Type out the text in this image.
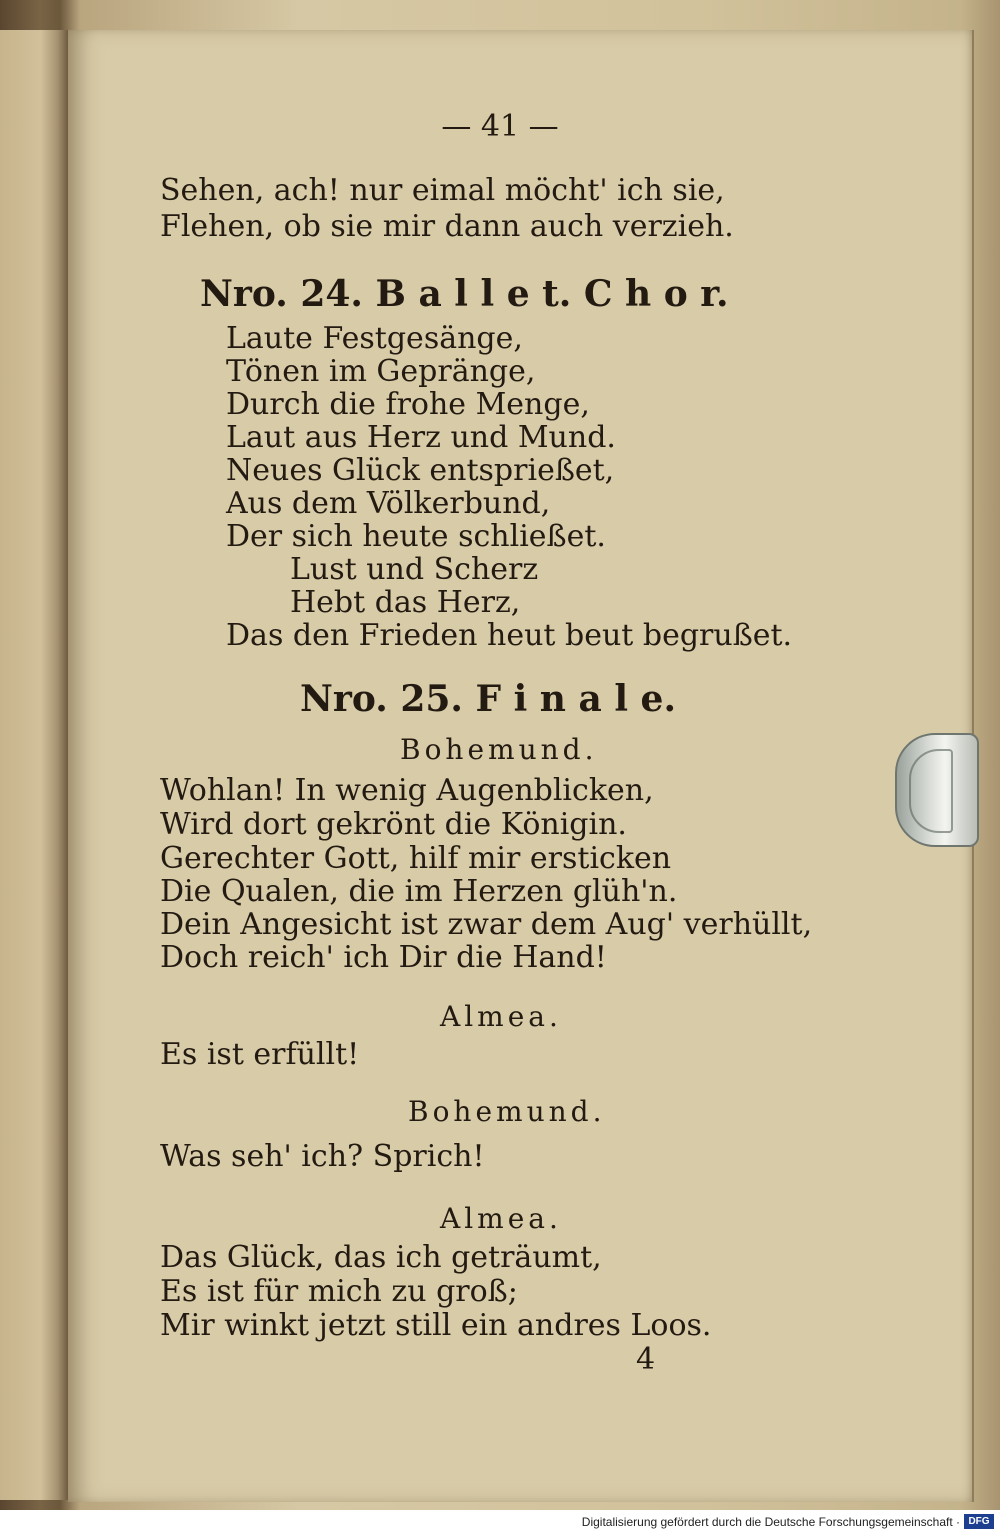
— 41 —
Sehen, ach! nur eimal möcht' ich sie,
Flehen, ob sie mir dann auch verzieh.
Nro. 24. B a l l e t. C h o r.
Laute Festgesänge,
Tönen im Gepränge,
Durch die frohe Menge,
Laut aus Herz und Mund.
Neues Glück entsprießet,
Aus dem Völkerbund,
Der sich heute schließet.
Lust und Scherz
Hebt das Herz,
Das den Frieden heut beut begrußet.
Nro. 25. F i n a l e.
Bohemund.
Wohlan! In wenig Augenblicken,
Wird dort gekrönt die Königin.
Gerechter Gott, hilf mir ersticken
Die Qualen, die im Herzen glüh'n.
Dein Angesicht ist zwar dem Aug' verhüllt,
Doch reich' ich Dir die Hand!
Almea.
Es ist erfüllt!
Bohemund.
Was seh' ich? Sprich!
Almea.
Das Glück, das ich geträumt,
Es ist für mich zu groß;
Mir winkt jetzt still ein andres Loos.
4
Digitalisierung gefördert durch die Deutsche Forschungsgemeinschaft · DFG
